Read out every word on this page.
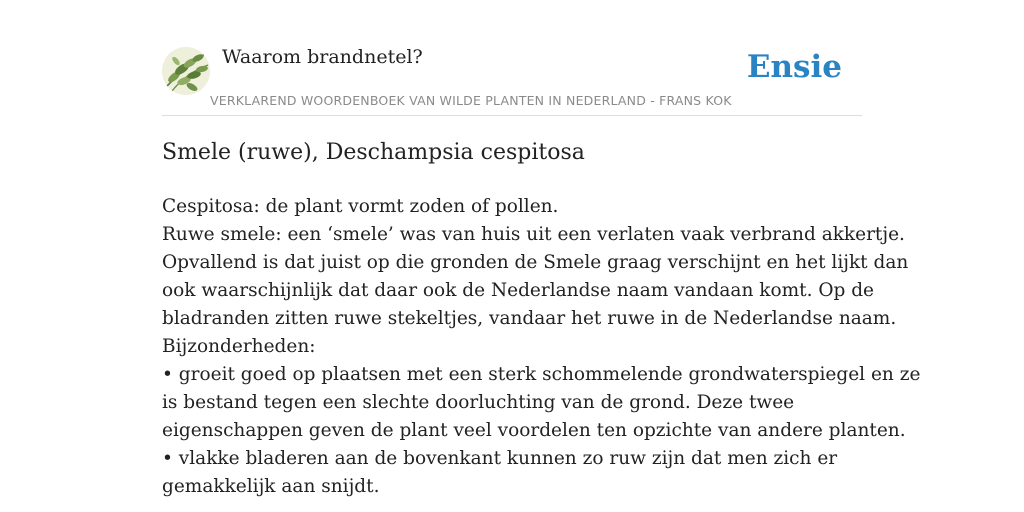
Waarom brandnetel?	Ensie
VERKLAREND WOORDENBOEK VAN WILDE PLANTEN IN NEDERLAND - FRANS KOK
Smele (ruwe), Deschampsia cespitosa
Cespitosa: de plant vormt zoden of pollen.
Ruwe smele: een ‘smele’ was van huis uit een verlaten vaak verbrand akkertje.
Opvallend is dat juist op die gronden de Smele graag verschijnt en het lijkt dan
ook waarschijnlijk dat daar ook de Nederlandse naam vandaan komt. Op de
bladranden zitten ruwe stekeltjes, vandaar het ruwe in de Nederlandse naam.
Bijzonderheden:
• groeit goed op plaatsen met een sterk schommelende grondwaterspiegel en ze
is bestand tegen een slechte doorluchting van de grond. Deze twee
eigenschappen geven de plant veel voordelen ten opzichte van andere planten.
• vlakke bladeren aan de bovenkant kunnen zo ruw zijn dat men zich er
gemakkelijk aan snijdt.
